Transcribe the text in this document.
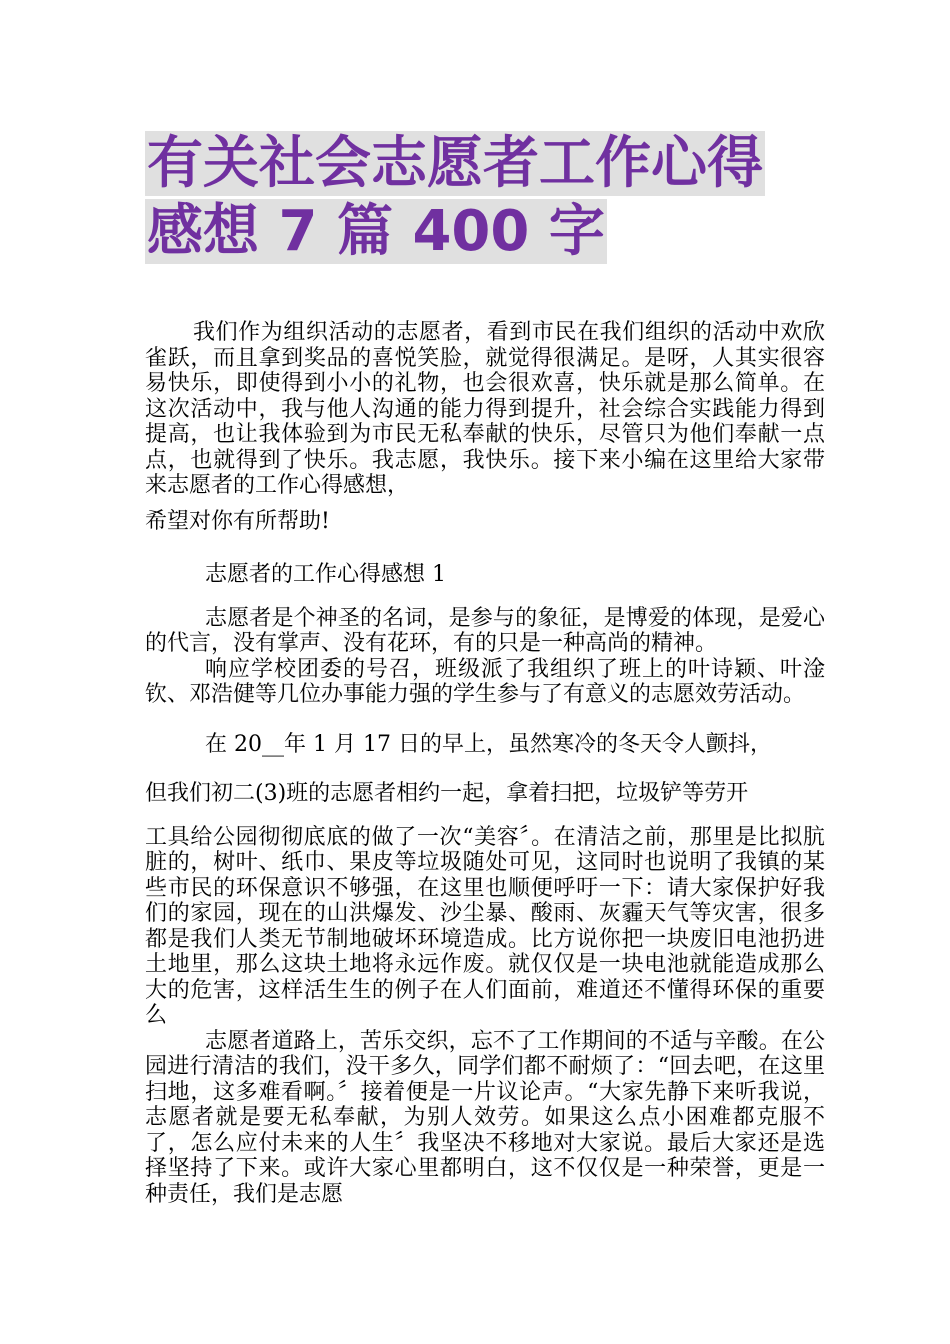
有关社会志愿者工作心得
感想 7 篇 400 字

我们作为组织活动的志愿者，看到市民在我们组织的活动中欢欣雀跃，而且拿到奖品的喜悦笑脸，就觉得很满足。是呀，人其实很容易快乐，即使得到小小的礼物，也会很欢喜，快乐就是那么简单。在这次活动中，我与他人沟通的能力得到提升，社会综合实践能力得到提高，也让我体验到为市民无私奉献的快乐，尽管只为他们奉献一点点，也就得到了快乐。我志愿，我快乐。接下来小编在这里给大家带来志愿者的工作心得感想，

希望对你有所帮助!

志愿者的工作心得感想 1

志愿者是个神圣的名词，是参与的象征，是博爱的体现，是爱心的代言，没有掌声、没有花环，有的只是一种高尚的精神。

响应学校团委的号召，班级派了我组织了班上的叶诗颖、叶淦钦、邓浩健等几位办事能力强的学生参与了有意义的志愿效劳活动。

在 20__年 1 月 17 日的早上，虽然寒冷的冬天令人颤抖，

但我们初二(3)班的志愿者相约一起，拿着扫把，垃圾铲等劳开

工具给公园彻彻底底的做了一次“美容〞。在清洁之前，那里是比拟肮脏的，树叶、纸巾、果皮等垃圾随处可见，这同时也说明了我镇的某些市民的环保意识不够强，在这里也顺便呼吁一下：请大家保护好我们的家园，现在的山洪爆发、沙尘暴、酸雨、灰霾天气等灾害，很多都是我们人类无节制地破坏环境造成。比方说你把一块废旧电池扔进土地里，那么这块土地将永远作废。就仅仅是一块电池就能造成那么大的危害，这样活生生的例子在人们面前，难道还不懂得环保的重要么

志愿者道路上，苦乐交织，忘不了工作期间的不适与辛酸。在公园进行清洁的我们，没干多久，同学们都不耐烦了：“回去吧，在这里扫地，这多难看啊。〞接着便是一片议论声。“大家先静下来听我说，志愿者就是要无私奉献，为别人效劳。如果这么点小困难都克服不了，怎么应付未来的人生〞我坚决不移地对大家说。最后大家还是选择坚持了下来。或许大家心里都明白，这不仅仅是一种荣誉，更是一种责任，我们是志愿
